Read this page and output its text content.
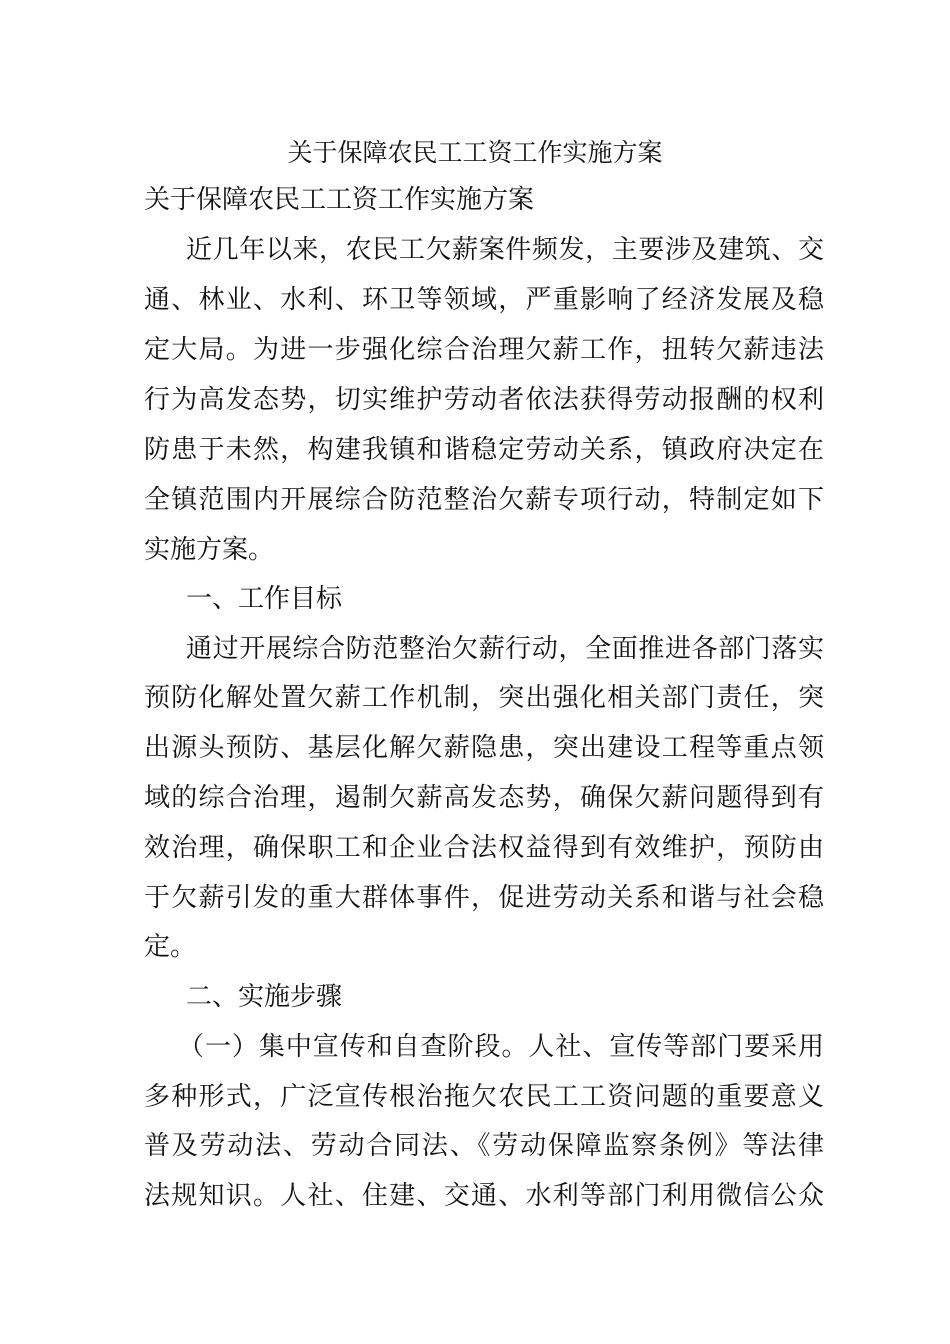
关于保障农民工工资工作实施方案
关于保障农民工工资工作实施方案
近几年以来，农民工欠薪案件频发，主要涉及建筑、交
通、林业、水利、环卫等领域，严重影响了经济发展及稳
定大局。为进一步强化综合治理欠薪工作，扭转欠薪违法
行为高发态势，切实维护劳动者依法获得劳动报酬的权利
防患于未然，构建我镇和谐稳定劳动关系，镇政府决定在
全镇范围内开展综合防范整治欠薪专项行动，特制定如下
实施方案。
一、工作目标
通过开展综合防范整治欠薪行动，全面推进各部门落实
预防化解处置欠薪工作机制，突出强化相关部门责任，突
出源头预防、基层化解欠薪隐患，突出建设工程等重点领
域的综合治理，遏制欠薪高发态势，确保欠薪问题得到有
效治理，确保职工和企业合法权益得到有效维护，预防由
于欠薪引发的重大群体事件，促进劳动关系和谐与社会稳
定。
二、实施步骤
（一）集中宣传和自查阶段。人社、宣传等部门要采用
多种形式，广泛宣传根治拖欠农民工工资问题的重要意义
普及劳动法、劳动合同法、《劳动保障监察条例》等法律
法规知识。人社、住建、交通、水利等部门利用微信公众
